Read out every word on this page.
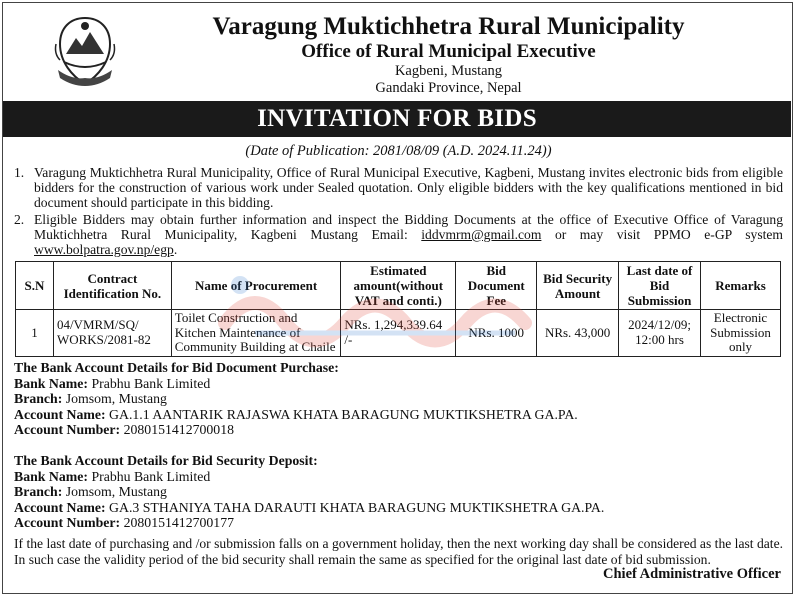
Varagung Muktichhetra Rural Municipality
Office of Rural Municipal Executive
Kagbeni, Mustang
Gandaki Province, Nepal
INVITATION FOR BIDS
(Date of Publication: 2081/08/09 (A.D. 2024.11.24))
1. Varagung Muktichhetra Rural Municipality, Office of Rural Municipal Executive, Kagbeni, Mustang invites electronic bids from eligible bidders for the construction of various work under Sealed quotation. Only eligible bidders with the key qualifications mentioned in bid document should participate in this bidding.
2. Eligible Bidders may obtain further information and inspect the Bidding Documents at the office of Executive Office of Varagung Muktichhetra Rural Municipality, Kagbeni Mustang Email: iddvmrm@gmail.com or may visit PPMO e-GP system www.bolpatra.gov.np/egp.
S.N	Contract Identification No.	Name of Procurement	Estimated amount(without VAT and conti.)	Bid Document Fee	Bid Security Amount	Last date of Bid Submission	Remarks
1	04/VMRM/SQ/ WORKS/2081-82	Toilet Construction and Kitchen Maintenance of Community Building at Chaile	NRs. 1,294,339.64 /-	NRs. 1000	NRs. 43,000	2024/12/09; 12:00 hrs	Electronic Submission only

The Bank Account Details for Bid Document Purchase:

Bank Name: Prabhu Bank Limited

Branch: Jomsom, Mustang

Account Name: GA.1.1 AANTARIK RAJASWA KHATA BARAGUNG MUKTIKSHETRA GA.PA.

Account Number: 2080151412700018

The Bank Account Details for Bid Security Deposit:

Bank Name: Prabhu Bank Limited

Branch: Jomsom, Mustang

Account Name: GA.3 STHANIYA TAHA DARAUTI KHATA BARAGUNG MUKTIKSHETRA GA.PA.

Account Number: 2080151412700177

If the last date of purchasing and /or submission falls on a government holiday, then the next working day shall be considered as the last date. In such case the validity period of the bid security shall remain the same as specified for the original last date of bid submission.
Chief Administrative Officer
